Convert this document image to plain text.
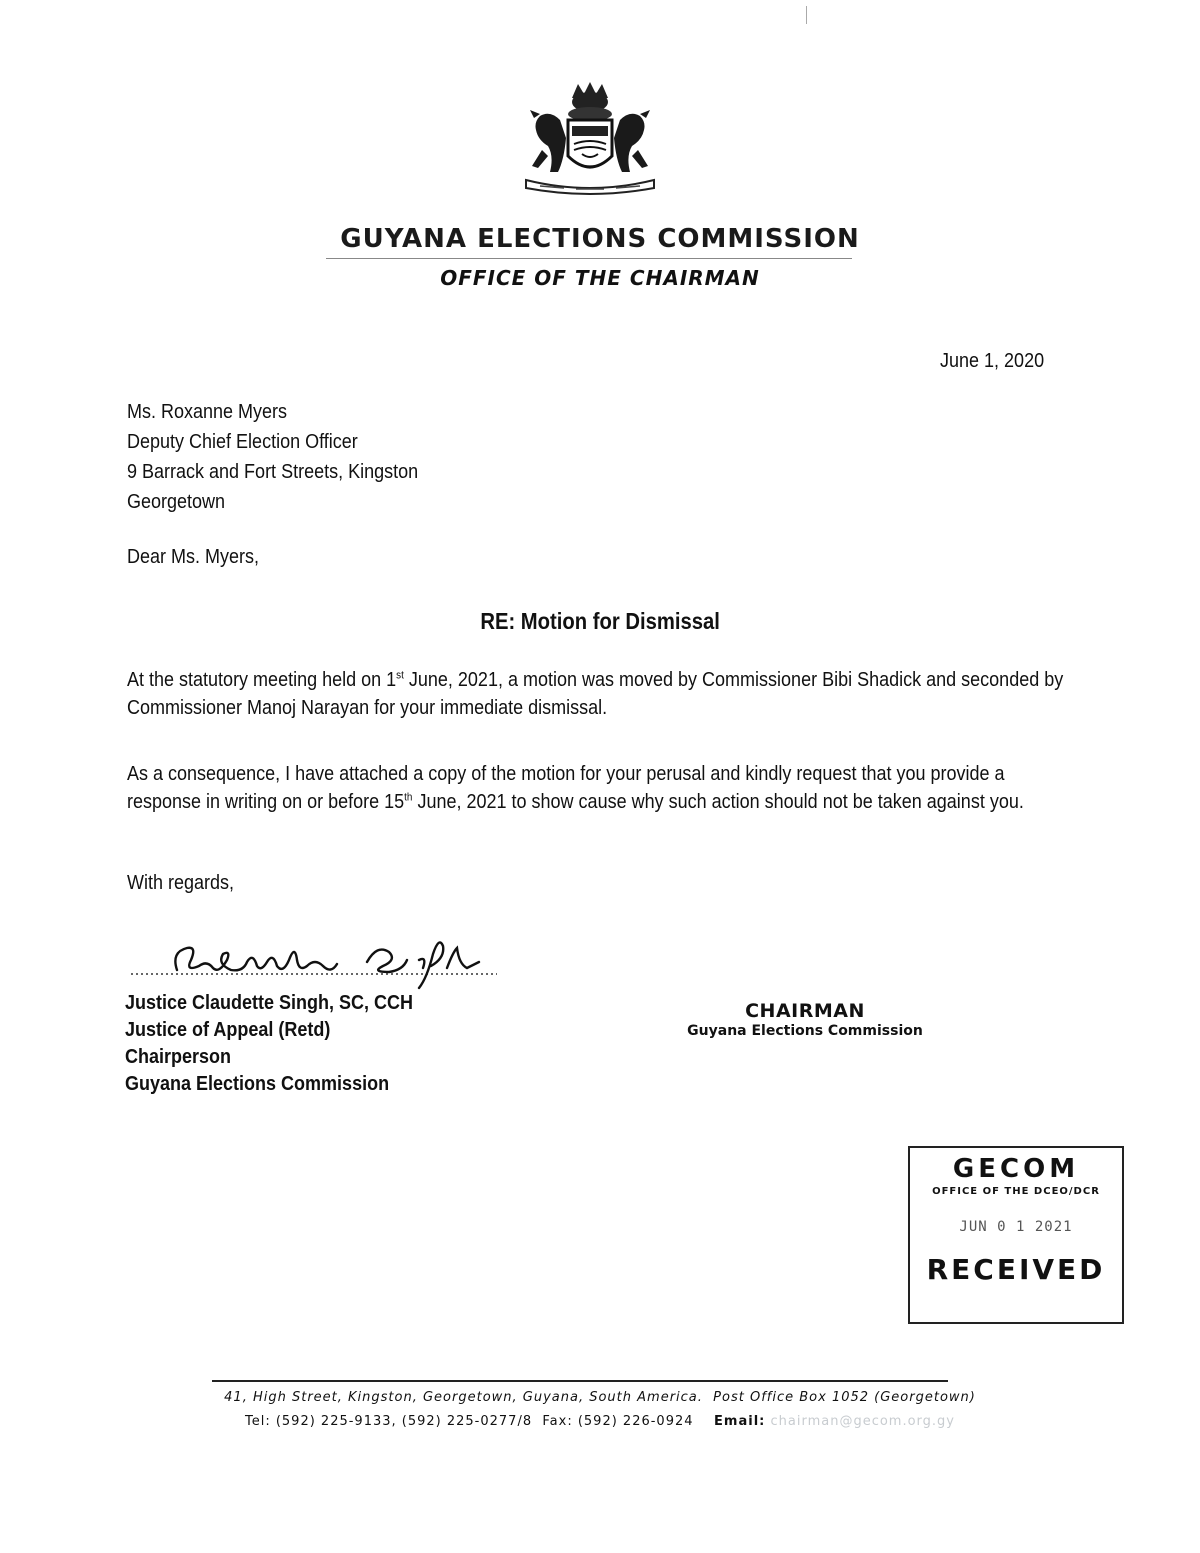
GUYANA ELECTIONS COMMISSION
OFFICE OF THE CHAIRMAN
June 1, 2020
Ms. Roxanne Myers
Deputy Chief Election Officer
9 Barrack and Fort Streets, Kingston
Georgetown
Dear Ms. Myers,
RE: Motion for Dismissal
At the statutory meeting held on 1st June, 2021, a motion was moved by Commissioner Bibi Shadick and seconded by Commissioner Manoj Narayan for your immediate dismissal.
As a consequence, I have attached a copy of the motion for your perusal and kindly request that you provide a response in writing on or before 15th June, 2021 to show cause why such action should not be taken against you.
With regards,
Justice Claudette Singh, SC, CCH
Justice of Appeal (Retd)
Chairperson
Guyana Elections Commission
CHAIRMAN
Guyana Elections Commission
GECOM
OFFICE OF THE DCEO/DCR
JUN 0 1 2021
RECEIVED
41, High Street, Kingston, Georgetown, Guyana, South America. Post Office Box 1052 (Georgetown)
Tel: (592) 225-9133, (592) 225-0277/8 Fax: (592) 226-0924 Email: chairman@gecom.org.gy
